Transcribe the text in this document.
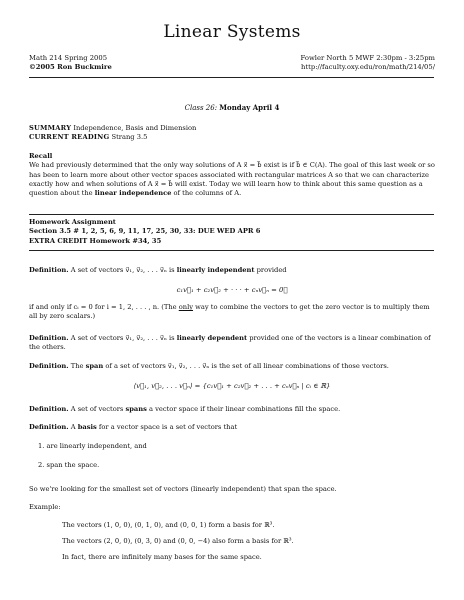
Linear Systems
Math 214 Spring 2005
©2005 Ron Buckmire
Fowler North 5 MWF 2:30pm - 3:25pm
http://faculty.oxy.edu/ron/math/214/05/
Class 26: Monday April 4
SUMMARY Independence, Basis and Dimension
CURRENT READING Strang 3.5
Recall
We had previously determined that the only way solutions of A x⃗ = b⃗ exist is if b⃗ ∈ C(A). The goal of this last week or so has been to learn more about other vector spaces associated with rectangular matrices A so that we can characterize exactly how and when solutions of A x⃗ = b⃗ will exist. Today we will learn how to think about this same question as a question about the linear independence of the columns of A.
Homework Assignment
Section 3.5 # 1, 2, 5, 6, 9, 11, 17, 25, 30, 33: DUE WED APR 6
EXTRA CREDIT Homework #34, 35
Definition. A set of vectors v⃗₁, v⃗₂, . . . v⃗ₙ is linearly independent provided
c₁v⃗₁ + c₂v⃗₂ + · · · + cₙv⃗ₙ = 0⃗
if and only if cᵢ = 0 for i = 1, 2, . . . , n. (The only way to combine the vectors to get the zero vector is to multiply them all by zero scalars.)
Definition. A set of vectors v⃗₁, v⃗₂, . . . v⃗ₙ is linearly dependent provided one of the vectors is a linear combination of the others.
Definition. The span of a set of vectors v⃗₁, v⃗₂, . . . v⃗ₙ is the set of all linear combinations of those vectors.
⟨v⃗₁, v⃗₂, . . . v⃗ₙ⟩ = {c₁v⃗₁ + c₂v⃗₂ + . . . + cₙv⃗ₙ | cᵢ ∈ ℝ}
Definition. A set of vectors spans a vector space if their linear combinations fill the space.
Definition. A basis for a vector space is a set of vectors that
1. are linearly independent, and
2. span the space.
So we're looking for the smallest set of vectors (linearly independent) that span the space.
Example:
The vectors (1, 0, 0), (0, 1, 0), and (0, 0, 1) form a basis for ℝ³.
The vectors (2, 0, 0), (0, 3, 0) and (0, 0, −4) also form a basis for ℝ³.
In fact, there are infinitely many bases for the same space.
